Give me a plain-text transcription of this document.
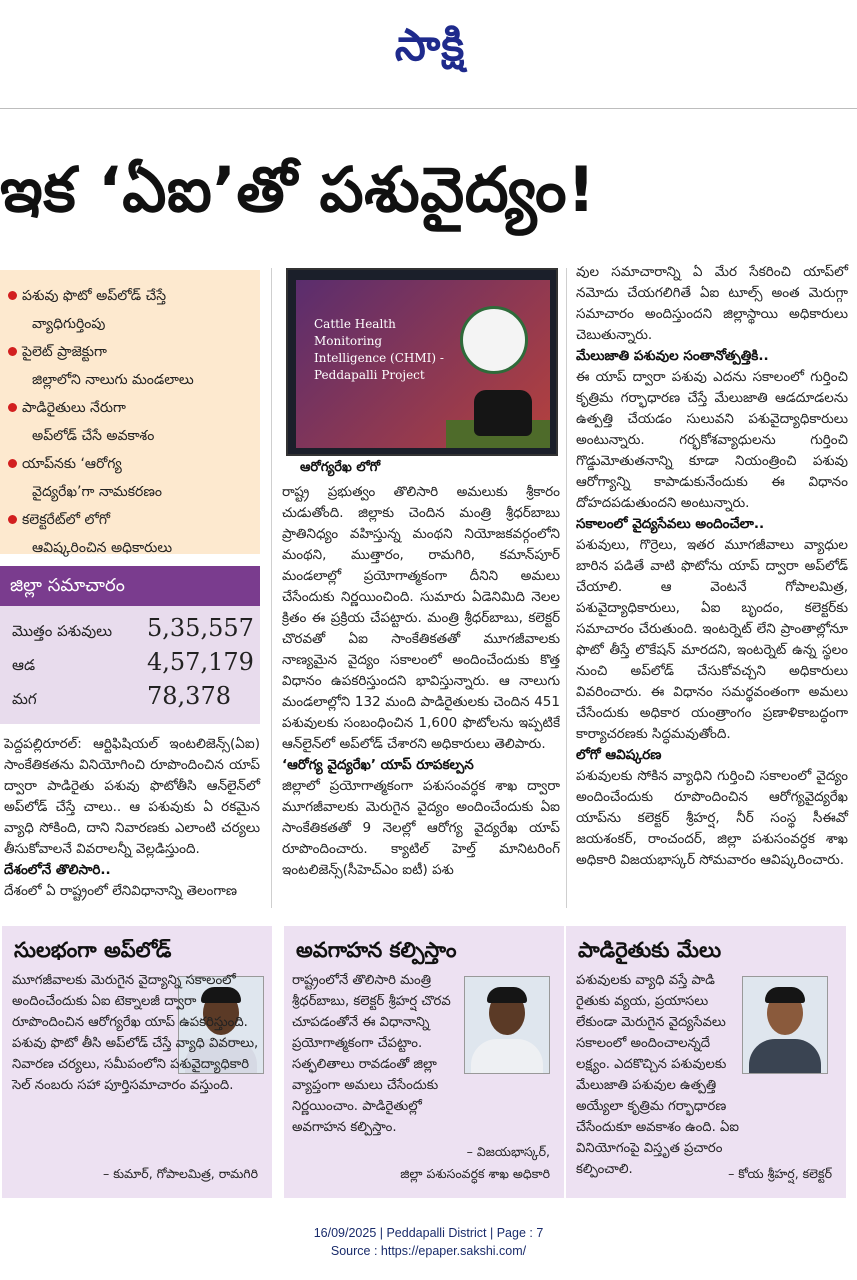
సాక్షి
ఇక ‘ఏఐ’తో పశువైద్యం!
పశువు ఫొటో అప్‌లోడ్ చేస్తే
వ్యాధిగుర్తింపు
పైలెట్ ప్రాజెక్టుగా
జిల్లాలోని నాలుగు మండలాలు
పాడిరైతులు నేరుగా
అప్‌లోడ్ చేసే అవకాశం
యాప్‌నకు ‘ఆరోగ్య
వైద్యరేఖ’గా నామకరణం
కలెక్టరేట్‌లో లోగో
ఆవిష్కరించిన అధికారులు
జిల్లా సమాచారం
మొత్తం పశువులు 5,35,557
ఆడ	4,57,179
మగ	78,378

పెద్దపల్లిరూరల్: ఆర్టిఫిషియల్ ఇంటలిజెన్స్(ఏఐ) సాంకేతికతను వినియోగించి రూపొందించిన యాప్ ద్వారా పాడిరైతు పశువు ఫొటోతీసి ఆన్‌లైన్‌లో అప్‌లోడ్ చేస్తే చాలు.. ఆ పశువుకు ఏ రకమైన వ్యాధి సోకింది, దాని నివారణకు ఎలాంటి చర్యలు తీసుకోవాలనే వివరాలన్నీ వెల్లడిస్తుంది.

దేశంలోనే తొలిసారి..

దేశంలో ఏ రాష్ట్రంలో లేనివిధానాన్ని తెలంగాణ

Cattle Health Monitoring Intelligence (CHMI) - Peddapalli Project
ఆరోగ్యరేఖ లోగో

రాష్ట్ర ప్రభుత్వం తొలిసారి అమలుకు శ్రీకారం చుడుతోంది. జిల్లాకు చెందిన మంత్రి శ్రీధర్‌బాబు ప్రాతినిధ్యం వహిస్తున్న మంథని నియోజకవర్గంలోని మంథని, ముత్తారం, రామగిరి, కమాన్‌పూర్ మండలాల్లో ప్రయోగాత్మకంగా దీనిని అమలు చేసేందుకు నిర్ణయించింది. సుమారు ఏడెనిమిది నెలల క్రితం ఈ ప్రక్రియ చేపట్టారు. మంత్రి శ్రీధర్‌బాబు, కలెక్టర్ చొరవతో ఏఐ సాంకేతికతతో మూగజీవాలకు నాణ్యమైన వైద్యం సకాలంలో అందించేందుకు కొత్త విధానం ఉపకరిస్తుందని భావిస్తున్నారు. ఆ నాలుగు మండలాల్లోని 132 మంది పాడిరైతులకు చెందిన 451 పశువులకు సంబంధించిన 1,600 ఫొటోలను ఇప్పటికే ఆన్‌లైన్‌లో అప్‌లోడ్ చేశారని అధికారులు తెలిపారు.

‘ఆరోగ్య వైద్యరేఖ’ యాప్ రూపకల్పన

జిల్లాలో ప్రయోగాత్మకంగా పశుసంవర్ధక శాఖ ద్వారా మూగజీవాలకు మెరుగైన వైద్యం అందించేందుకు ఏఐ సాంకేతికతతో 9 నెలల్లో ఆరోగ్య వైద్యరేఖ యాప్ రూపొందించారు. క్యాటిల్ హెల్త్ మానిటరింగ్ ఇంటలిజెన్స్(సీహెచ్ఎం ఐటీ) పశు

వుల సమాచారాన్ని ఏ మేర సేకరించి యాప్‌లో నమోదు చేయగలిగితే ఏఐ టూల్స్ అంత మెరుగ్గా సమాచారం అందిస్తుందని జిల్లాస్థాయి అధికారులు చెబుతున్నారు.

మేలుజాతి పశువుల సంతానోత్పత్తికి..

ఈ యాప్ ద్వారా పశువు ఎదను సకాలంలో గుర్తించి కృత్రిమ గర్భాధారణ చేస్తే మేలుజాతి ఆడదూడలను ఉత్పత్తి చేయడం సులువని పశువైద్యాధికారులు అంటున్నారు. గర్భకోశవ్యాధులను గుర్తించి గొడ్డుమోతుతనాన్ని కూడా నియంత్రించి పశువు ఆరోగ్యాన్ని కాపాడుకునేందుకు ఈ విధానం దోహదపడుతుందని అంటున్నారు.

సకాలంలో వైద్యసేవలు అందించేలా..

పశువులు, గొర్రెలు, ఇతర మూగజీవాలు వ్యాధుల బారిన పడితే వాటి ఫొటోను యాప్ ద్వారా అప్‌లోడ్ చేయాలి. ఆ వెంటనే గోపాలమిత్ర, పశువైద్యాధికారులు, ఏఐ బృందం, కలెక్టర్‌కు సమాచారం చేరుతుంది. ఇంటర్నెట్ లేని ప్రాంతాల్లోనూ ఫొటో తీస్తే లొకేషన్ మారదని, ఇంటర్నెట్ ఉన్న స్థలం నుంచి అప్‌లోడ్ చేసుకోవచ్చని అధికారులు వివరించారు. ఈ విధానం సమర్థవంతంగా అమలు చేసేందుకు అధికార యంత్రాంగం ప్రణాళికాబద్ధంగా కార్యాచరణకు సిద్ధమవుతోంది.

లోగో ఆవిష్కరణ

పశువులకు సోకిన వ్యాధిని గుర్తించి సకాలంలో వైద్యం అందించేందుకు రూపొందించిన ఆరోగ్యవైద్యరేఖ యాప్‌ను కలెక్టర్ శ్రీహర్ష, నీర్ సంస్థ సీఈవో జయశంకర్, రాంచందర్, జిల్లా పశుసంవర్ధక శాఖ అధికారి విజయభాస్కర్ సోమవారం ఆవిష్కరించారు.

సులభంగా అప్‌లోడ్
మూగజీవాలకు మెరుగైన వైద్యాన్ని సకాలంలో అందించేందుకు ఏఐ టెక్నాలజీ ద్వారా రూపొందించిన ఆరోగ్యరేఖ యాప్ ఉపకరిస్తుంది. పశువు ఫొటో తీసి అప్‌లోడ్ చేస్తే వ్యాధి వివరాలు, నివారణ చర్యలు, సమీపంలోని పశువైద్యాధికారి సెల్ నంబరు సహా పూర్తిసమాచారం వస్తుంది.
– కుమార్, గోపాలమిత్ర, రామగిరి
అవగాహన కల్పిస్తాం
రాష్ట్రంలోనే తొలిసారి మంత్రి శ్రీధర్‌బాబు, కలెక్టర్ శ్రీహర్ష చొరవ చూపడంతోనే ఈ విధానాన్ని ప్రయోగాత్మకంగా చేపట్టాం. సత్ఫలితాలు రావడంతో జిల్లా వ్యాప్తంగా అమలు చేసేందుకు నిర్ణయించాం. పాడిరైతుల్లో అవగాహన కల్పిస్తాం.
– విజయభాస్కర్,
జిల్లా పశుసంవర్ధక శాఖ అధికారి
పాడిరైతుకు మేలు
పశువులకు వ్యాధి వస్తే పాడి రైతుకు వ్యయ, ప్రయాసలు లేకుండా మెరుగైన వైద్యసేవలు సకాలంలో అందించాలన్నదే లక్ష్యం. ఎదకొచ్చిన పశువులకు మేలుజాతి పశువుల ఉత్పత్తి అయ్యేలా కృత్రిమ గర్భాధారణ చేసేందుకూ అవకాశం ఉంది. ఏఐ వినియోగంపై విస్తృత ప్రచారం కల్పించాలి.	– కోయ శ్రీహర్ష, కలెక్టర్
16/09/2025 | Peddapalli District | Page : 7
Source : https://epaper.sakshi.com/
